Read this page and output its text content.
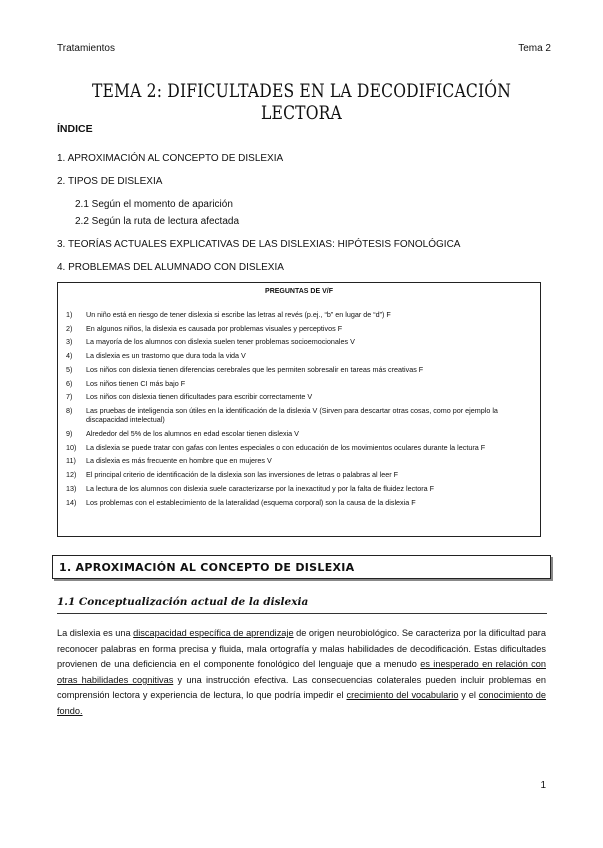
Tratamientos	Tema 2
TEMA 2: DIFICULTADES EN LA DECODIFICACIÓN LECTORA
ÍNDICE
1. APROXIMACIÓN AL CONCEPTO DE DISLEXIA
2. TIPOS DE DISLEXIA
2.1 Según el momento de aparición
2.2 Según la ruta de lectura afectada
3. TEORÍAS ACTUALES EXPLICATIVAS DE LAS DISLEXIAS: HIPÓTESIS FONOLÓGICA
4. PROBLEMAS DEL ALUMNADO CON DISLEXIA
PREGUNTAS DE V/F
1)	Un niño está en riesgo de tener dislexia si escribe las letras al revés (p.ej., “b” en lugar de “d”) F
2)	En algunos niños, la dislexia es causada por problemas visuales y perceptivos F
3)	La mayoría de los alumnos con dislexia suelen tener problemas socioemocionales V
4)	La dislexia es un trastorno que dura toda la vida V
5)	Los niños con dislexia tienen diferencias cerebrales que les permiten sobresalir en tareas más creativas F
6)	Los niños tienen CI más bajo F
7)	Los niños con dislexia tienen dificultades para escribir correctamente V
8)	Las pruebas de inteligencia son útiles en la identificación de la dislexia V (Sirven para descartar otras cosas, como por ejemplo la discapacidad intelectual)
9)	Alrededor del 5% de los alumnos en edad escolar tienen dislexia V
10)	La dislexia se puede tratar con gafas con lentes especiales o con educación de los movimientos oculares durante la lectura F
11)	La dislexia es más frecuente en hombre que en mujeres V
12)	El principal criterio de identificación de la dislexia son las inversiones de letras o palabras al leer F
13)	La lectura de los alumnos con dislexia suele caracterizarse por la inexactitud y por la falta de fluidez lectora F
14)	Los problemas con el establecimiento de la lateralidad (esquema corporal) son la causa de la dislexia F
1. APROXIMACIÓN AL CONCEPTO DE DISLEXIA
1.1 Conceptualización actual de la dislexia
La dislexia es una discapacidad específica de aprendizaje de origen neurobiológico. Se caracteriza por la dificultad para reconocer palabras en forma precisa y fluida, mala ortografía y malas habilidades de decodificación. Estas dificultades provienen de una deficiencia en el componente fonológico del lenguaje que a menudo es inesperado en relación con otras habilidades cognitivas y una instrucción efectiva. Las consecuencias colaterales pueden incluir problemas en comprensión lectora y experiencia de lectura, lo que podría impedir el crecimiento del vocabulario y el conocimiento de fondo.
1
